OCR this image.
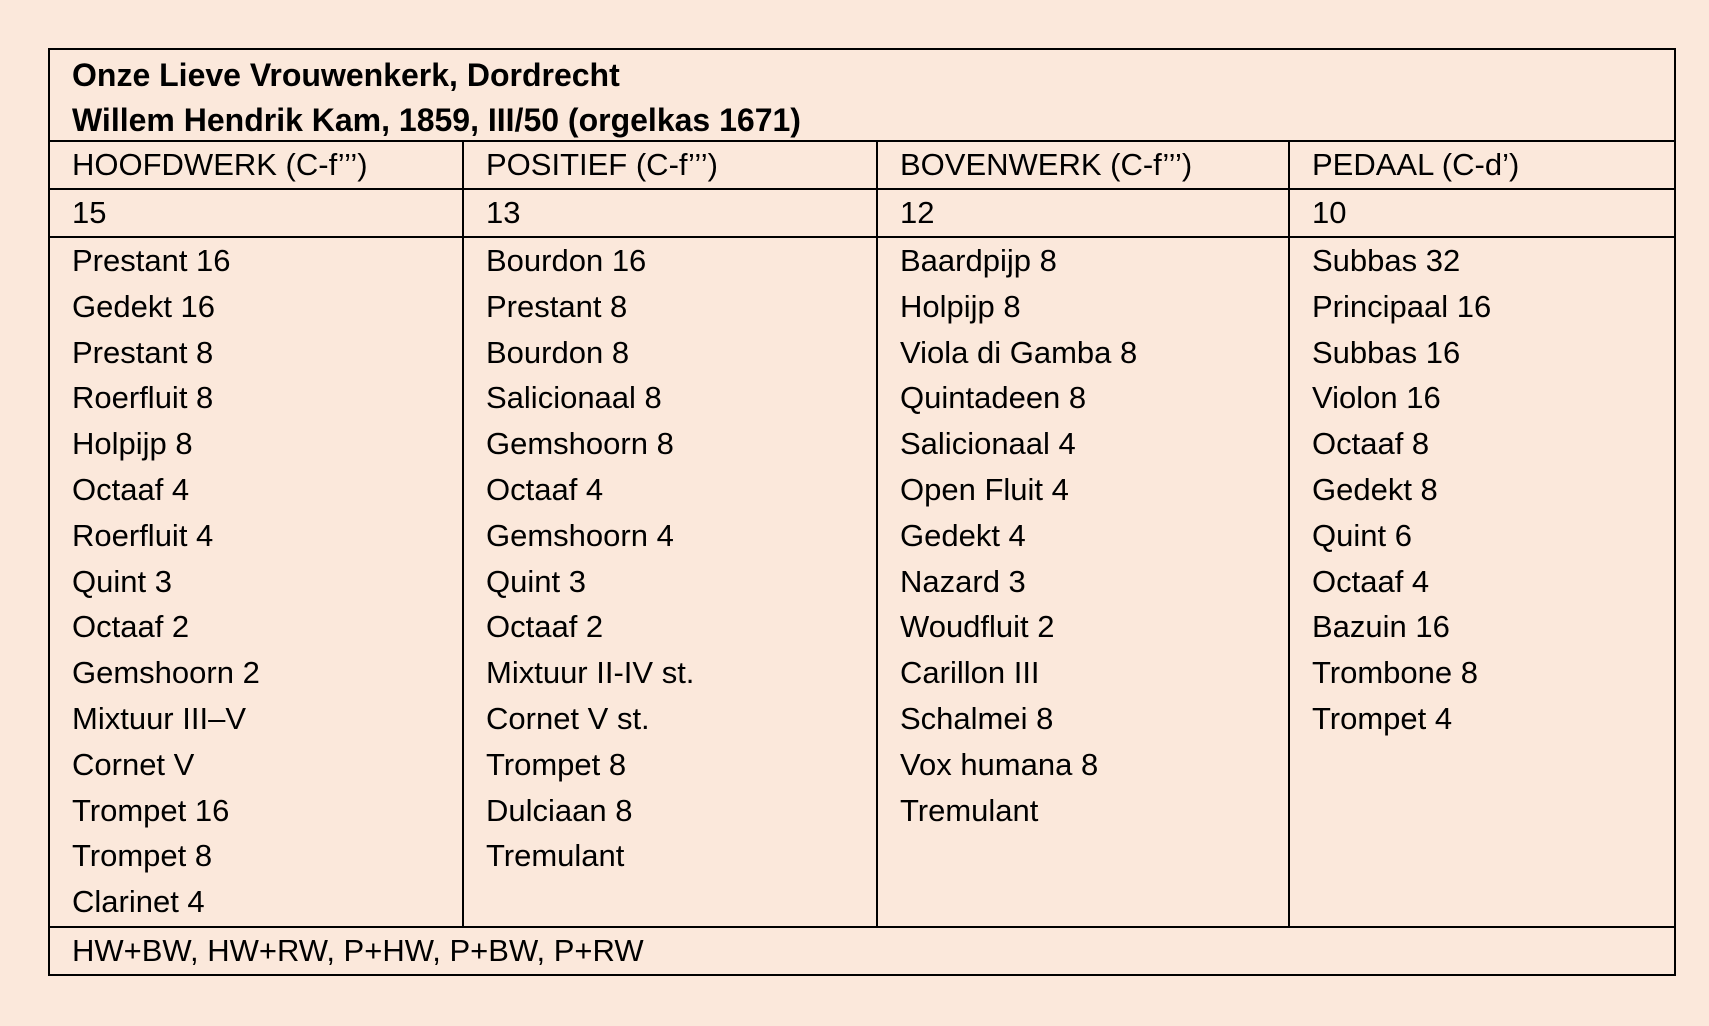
Onze Lieve Vrouwenkerk, Dordrecht
Willem Hendrik Kam, 1859, III/50 (orgelkas 1671)
HOOFDWERK (C-f’’’)
15
Prestant 16
Gedekt 16
Prestant 8
Roerfluit 8
Holpijp 8
Octaaf 4
Roerfluit 4
Quint 3
Octaaf 2
Gemshoorn 2
Mixtuur III–V
Cornet V
Trompet 16
Trompet 8
Clarinet 4
POSITIEF (C-f’’’)
13
Bourdon 16
Prestant 8
Bourdon 8
Salicionaal 8
Gemshoorn 8
Octaaf 4
Gemshoorn 4
Quint 3
Octaaf 2
Mixtuur II-IV st.
Cornet V st.
Trompet 8
Dulciaan 8
Tremulant
BOVENWERK (C-f’’’)
12
Baardpijp 8
Holpijp 8
Viola di Gamba 8
Quintadeen 8
Salicionaal 4
Open Fluit 4
Gedekt 4
Nazard 3
Woudfluit 2
Carillon III
Schalmei 8
Vox humana 8
Tremulant
PEDAAL (C-d’)
10
Subbas 32
Principaal 16
Subbas 16
Violon 16
Octaaf 8
Gedekt 8
Quint 6
Octaaf 4
Bazuin 16
Trombone 8
Trompet 4
HW+BW, HW+RW, P+HW, P+BW, P+RW
